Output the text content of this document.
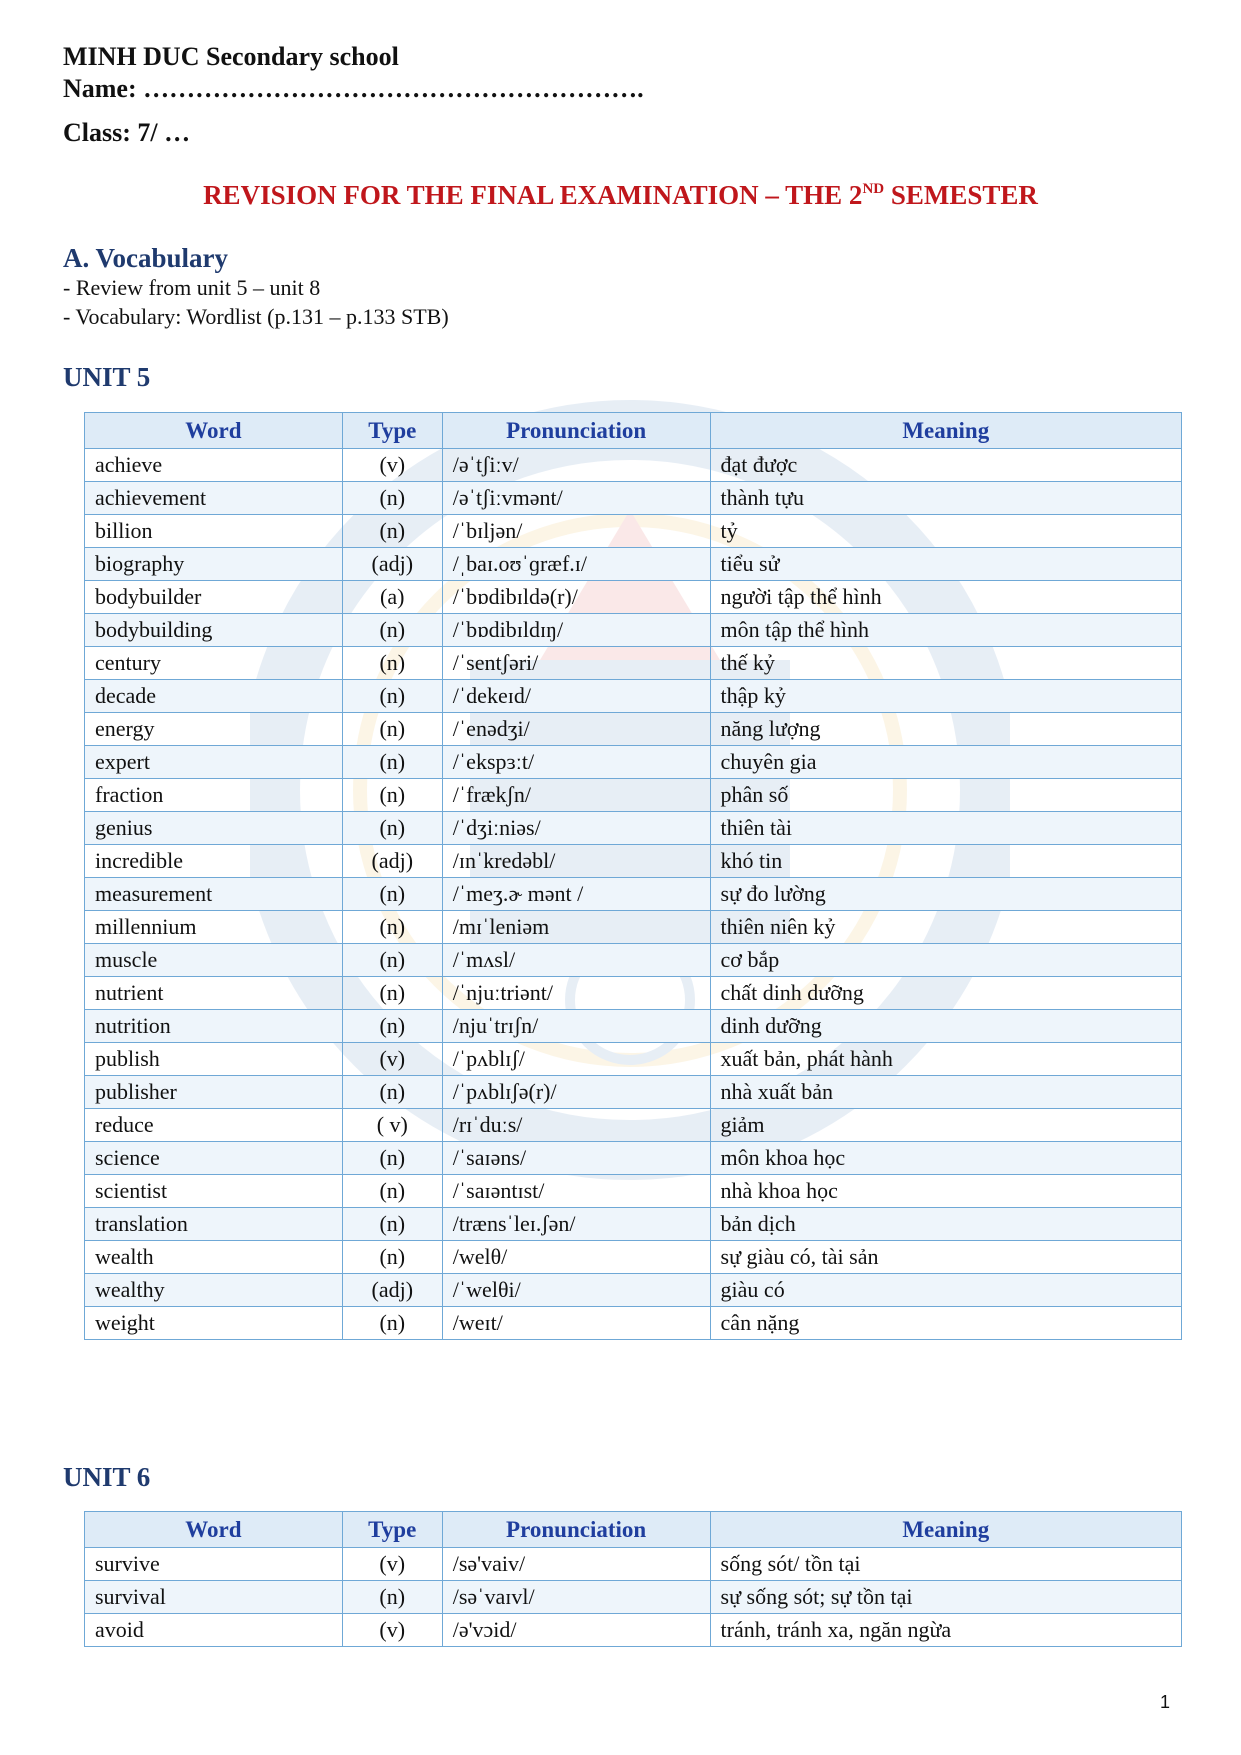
MINH DUC Secondary school
Name: ………………………………………………….
Class: 7/ …
REVISION FOR THE FINAL EXAMINATION – THE 2ND SEMESTER
A. Vocabulary
- Review from unit 5 – unit 8
- Vocabulary: Wordlist (p.131 – p.133 STB)
UNIT 5
Word	Type	Pronunciation	Meaning
achieve	(v)	/əˈtʃiːv/	đạt được
achievement	(n)	/əˈtʃiːvmənt/	thành tựu
billion	(n)	/ˈbɪljən/	tỷ
biography	(adj)	/ˌbaɪ.oʊˈɡræf.ɪ/	tiểu sử
bodybuilder	(a)	/ˈbɒdibɪldə(r)/	người tập thể hình
bodybuilding	(n)	/ˈbɒdibɪldɪŋ/	môn tập thể hình
century	(n)	/ˈsentʃəri/	thế kỷ
decade	(n)	/ˈdekeɪd/	thập kỷ
energy	(n)	/ˈenədʒi/	năng lượng
expert	(n)	/ˈekspɜːt/	chuyên gia
fraction	(n)	/ˈfrækʃn/	phân số
genius	(n)	/ˈdʒiːniəs/	thiên tài
incredible	(adj)	/ɪnˈkredəbl/	khó tin
measurement	(n)	/ˈmeʒ.ɚ mənt /	sự đo lường
millennium	(n)	/mɪˈleniəm	thiên niên kỷ
muscle	(n)	/ˈmʌsl/	cơ bắp
nutrient	(n)	/ˈnjuːtriənt/	chất dinh dưỡng
nutrition	(n)	/njuˈtrɪʃn/	dinh dưỡng
publish	(v)	/ˈpʌblɪʃ/	xuất bản, phát hành
publisher	(n)	/ˈpʌblɪʃə(r)/	nhà xuất bản
reduce	( v)	/rɪˈduːs/	giảm
science	(n)	/ˈsaɪəns/	môn khoa học
scientist	(n)	/ˈsaɪəntɪst/	nhà khoa học
translation	(n)	/trænsˈleɪ.ʃən/	bản dịch
wealth	(n)	/welθ/	sự giàu có, tài sản
wealthy	(adj)	/ˈwelθi/	giàu có
weight	(n)	/weɪt/	cân nặng
UNIT 6
Word	Type	Pronunciation	Meaning
survive	(v)	/sə'vaiv/	sống sót/ tồn tại
survival	(n)	/səˈvaɪvl/	sự sống sót; sự tồn tại
avoid	(v)	/ə'vɔid/	tránh, tránh xa, ngăn ngừa
1
